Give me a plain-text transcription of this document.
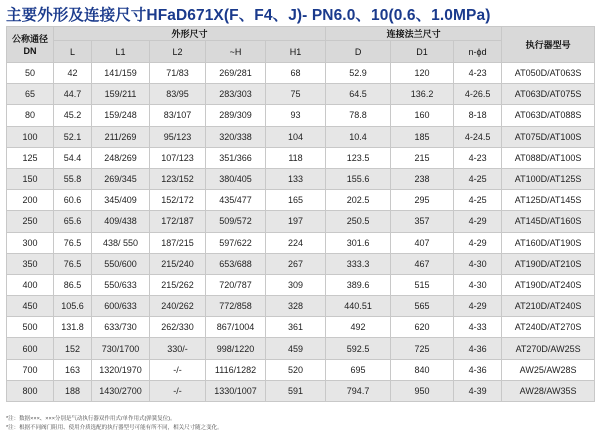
主要外形及连接尺寸HFaD671X(F、F4、J)- PN6.0、10(0.6、1.0MPa)
公称通径
DN	外形尺寸					连接法兰尺寸			执行器型号
	L	L1	L2	~H	H1	D	D1	n-ϕd	
50	42	141/159	71/83	269/281	68	52.9	120	4-23	AT050D/AT063S
65	44.7	159/211	83/95	283/303	75	64.5	136.2	4-26.5	AT063D/AT075S
80	45.2	159/248	83/107	289/309	93	78.8	160	8-18	AT063D/AT088S
100	52.1	211/269	95/123	320/338	104	10.4	185	4-24.5	AT075D/AT100S
125	54.4	248/269	107/123	351/366	118	123.5	215	4-23	AT088D/AT100S
150	55.8	269/345	123/152	380/405	133	155.6	238	4-25	AT100D/AT125S
200	60.6	345/409	152/172	435/477	165	202.5	295	4-25	AT125D/AT145S
250	65.6	409/438	172/187	509/572	197	250.5	357	4-29	AT145D/AT160S
300	76.5	438/ 550	187/215	597/622	224	301.6	407	4-29	AT160D/AT190S
350	76.5	550/600	215/240	653/688	267	333.3	467	4-30	AT190D/AT210S
400	86.5	550/633	215/262	720/787	309	389.6	515	4-30	AT190D/AT240S
450	105.6	600/633	240/262	772/858	328	440.51	565	4-29	AT210D/AT240S
500	131.8	633/730	262/330	867/1004	361	492	620	4-33	AT240D/AT270S
600	152	730/1700	330/-	998/1220	459	592.5	725	4-36	AT270D/AW25S
700	163	1320/1970	-/-	1116/1282	520	695	840	4-36	AW25/AW28S
800	188	1430/2700	-/-	1330/1007	591	794.7	950	4-39	AW28/AW35S
*注：数据×××、×××分别是气动执行器双作用式/单作用式(弹簧复位)。
*注：根据不同阀门阻用、使用介质选配的执行器型号可能有所不同，相关尺寸随之变化。
